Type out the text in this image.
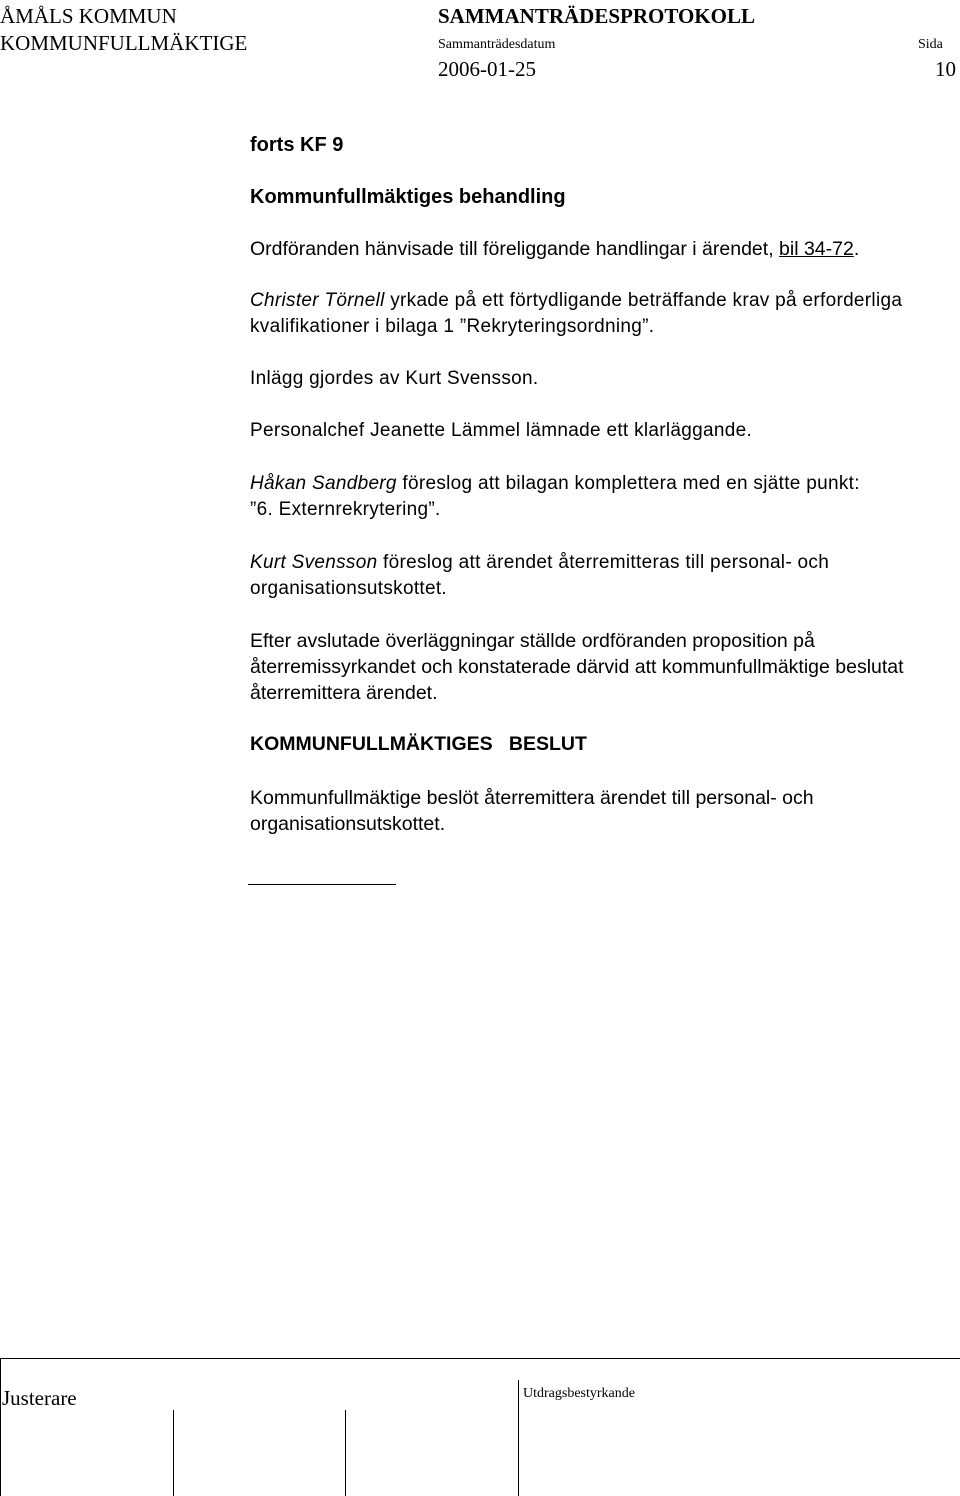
ÅMÅLS KOMMUN
KOMMUNFULLMÄKTIGE
SAMMANTRÄDESPROTOKOLL
Sammanträdesdatum
2006-01-25
Sida
10
forts KF 9
Kommunfullmäktiges behandling
Ordföranden hänvisade till föreliggande handlingar i ärendet, bil 34-72.
Christer Törnell yrkade på ett förtydligande beträffande krav på erforderliga
kvalifikationer i bilaga 1 ”Rekryteringsordning”.
Inlägg gjordes av Kurt Svensson.
Personalchef Jeanette Lämmel lämnade ett klarläggande.
Håkan Sandberg föreslog att bilagan komplettera med en sjätte punkt:
”6. Externrekrytering”.
Kurt Svensson föreslog att ärendet återremitteras till personal- och
organisationsutskottet.
Efter avslutade överläggningar ställde ordföranden proposition på
återremissyrkandet och konstaterade därvid att kommunfullmäktige beslutat
återremittera ärendet.
KOMMUNFULLMÄKTIGES   BESLUT
Kommunfullmäktige beslöt återremittera ärendet till personal- och
organisationsutskottet.
Justerare	Utdragsbestyrkande
